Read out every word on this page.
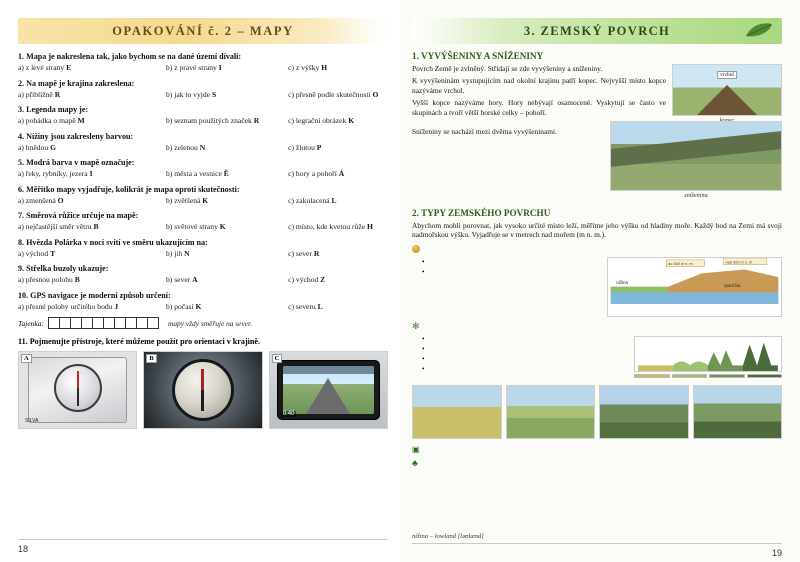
OPAKOVÁNÍ č. 2 – MAPY
1. Mapa je nakreslena tak, jako bychom se na dané území dívali:
a) z levé strany E	b) z pravé strany I	c) z výšky H
2. Na mapě je krajina zakreslena:
a) přibližně R	b) jak to vyjde S	c) přesně podle skutečnosti O
3. Legenda mapy je:
a) pohádka o mapě M	b) seznam použitých značek R	c) legrační obrázek K
4. Nížiny jsou zakresleny barvou:
a) hnědou G	b) zelenou N	c) žlutou P
5. Modrá barva v mapě označuje:
a) řeky, rybníky, jezera I	b) města a vesnice Ě	c) hory a pohoří Á
6. Měřítko mapy vyjadřuje, kolikrát je mapa oproti skutečnosti:
a) zmenšená O	b) zvětšená K	c) zakulacená L
7. Směrová růžice určuje na mapě:
a) nejčastější směr větru B	b) světové strany K	c) místo, kde kvetou růže H
8. Hvězda Polárka v noci svítí ve směru ukazujícím na:
a) východ T	b) jih N	c) sever R
9. Střelka buzoly ukazuje:
a) přesnou polohu B	b) sever A	c) východ Z
10. GPS navigace je moderní způsob určení:
a) přesné polohy určitého bodu J	b) počasí K	c) severu L
Tajenka:	mapy vždy směřuje na sever.
11. Pojmenujte přístroje, které můžeme použít pro orientaci v krajině.
SILVA
A	B
0.40
C
18
3. ZEMSKÝ POVRCH
1. VYVÝŠENINY A SNÍŽENINY
vrchol

Povrch Země je zvlněný. Střídají se zde vyvýšeniny a sníženiny.

K vyvýšeninám vystupujícím nad okolní krajinu patří kopec. Nejvyšší místo kopce nazýváme vrchol.

Vyšší kopce nazýváme hory. Hory nebývají osamocené. Vyskytují se často ve skupinách a tvoří větší horské celky – pohoří.

sníženina

Sníženiny se nachází mezi dvěma vyvýšeninami.

2. TYPY ZEMSKÉHO POVRCHU

Abychom mohli porovnat, jak vysoko určité místo leží, měříme jeho výšku od hladiny moře. Každý bod na Zemi má svoji nadmořskou výšku. Vyjadřuje se v metrech nad mořem (m n. m.).

nížina
vysočina
do 300 m n. m.	nad 300 m n. m.

•
•
✻

•
•
•
•
▣
♣
nížina – lowland [ləʊlænd]
19
